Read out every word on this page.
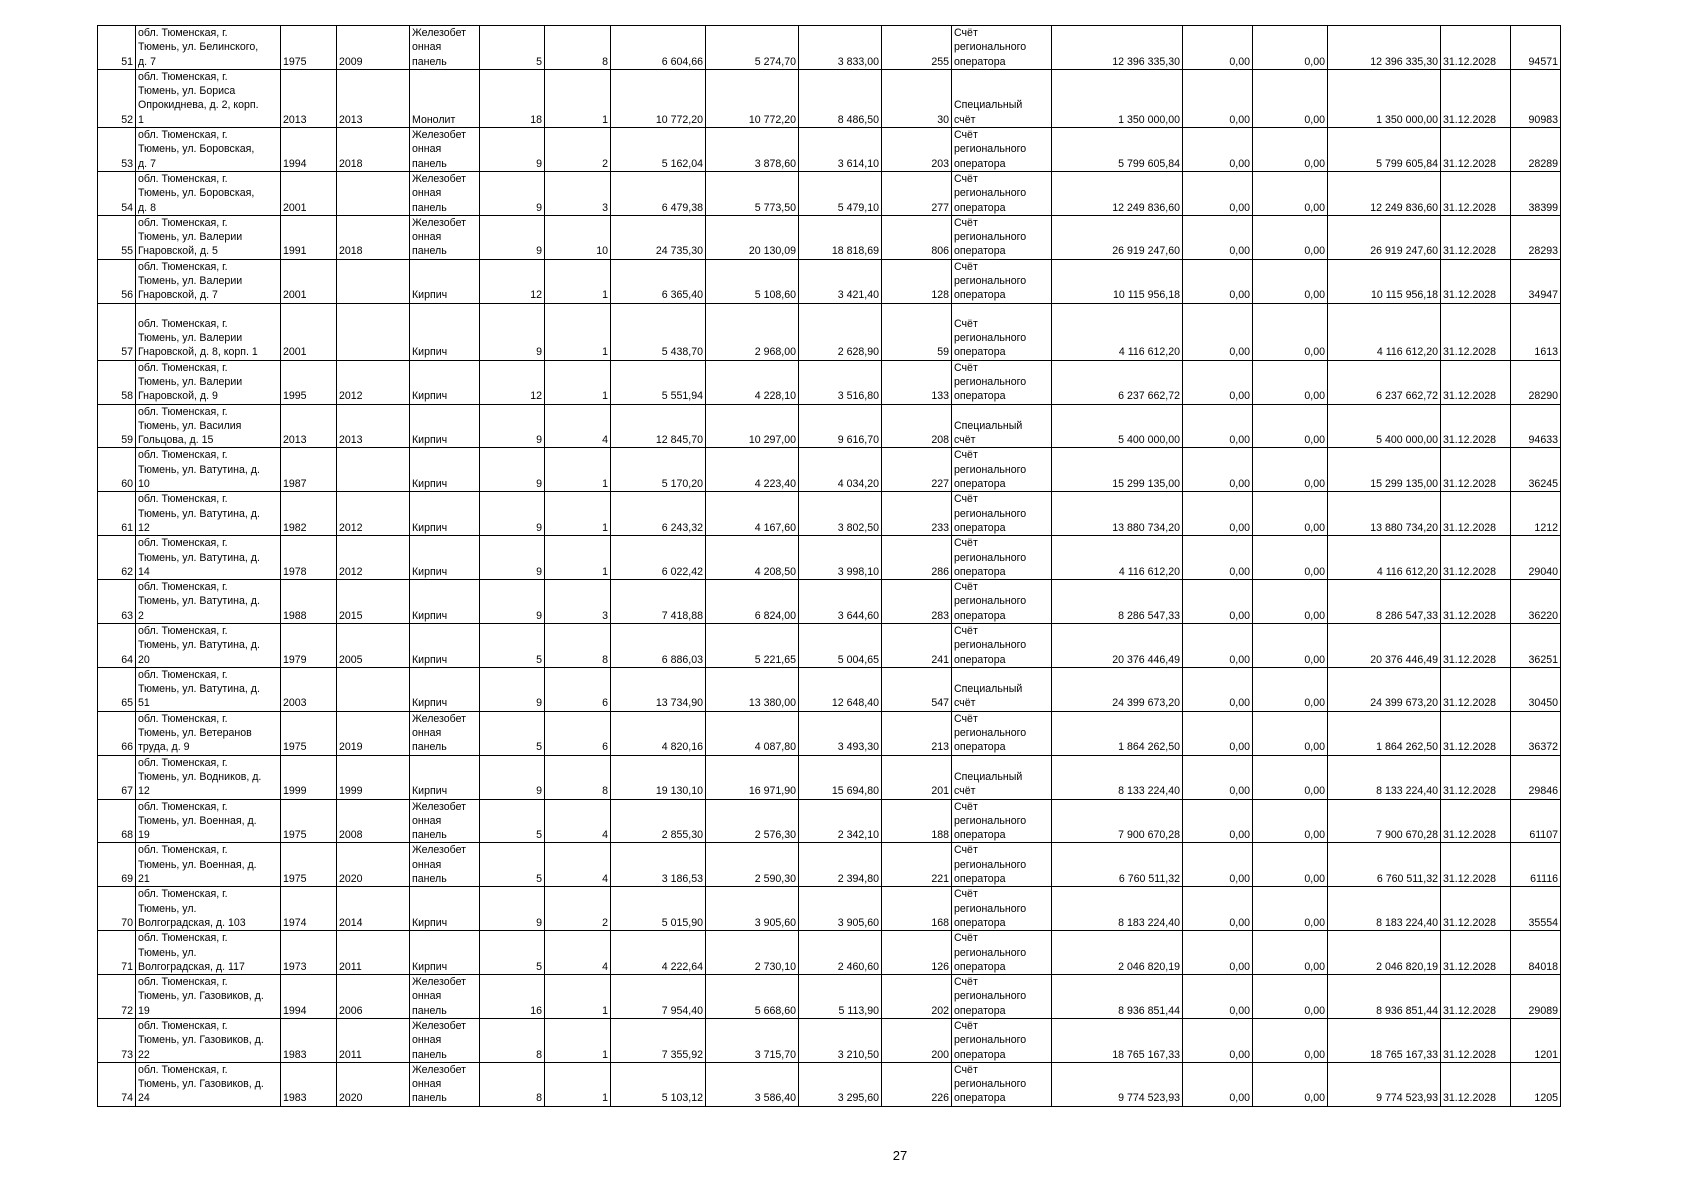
51	обл. Тюменская, г.
Тюмень, ул. Белинского,
д. 7	1975	2009	Железобет
онная
панель	5	8	6 604,66	5 274,70	3 833,00	255	Счёт
регионального
оператора	12 396 335,30	0,00	0,00	12 396 335,30	31.12.2028	94571
52	обл. Тюменская, г.
Тюмень, ул. Бориса
Опрокиднева, д. 2, корп.
1	2013	2013	Монолит	18	1	10 772,20	10 772,20	8 486,50	30	Специальный
счёт	1 350 000,00	0,00	0,00	1 350 000,00	31.12.2028	90983
53	обл. Тюменская, г.
Тюмень, ул. Боровская,
д. 7	1994	2018	Железобет
онная
панель	9	2	5 162,04	3 878,60	3 614,10	203	Счёт
регионального
оператора	5 799 605,84	0,00	0,00	5 799 605,84	31.12.2028	28289
54	обл. Тюменская, г.
Тюмень, ул. Боровская,
д. 8	2001		Железобет
онная
панель	9	3	6 479,38	5 773,50	5 479,10	277	Счёт
регионального
оператора	12 249 836,60	0,00	0,00	12 249 836,60	31.12.2028	38399
55	обл. Тюменская, г.
Тюмень, ул. Валерии
Гнаровской, д. 5	1991	2018	Железобет
онная
панель	9	10	24 735,30	20 130,09	18 818,69	806	Счёт
регионального
оператора	26 919 247,60	0,00	0,00	26 919 247,60	31.12.2028	28293
56	обл. Тюменская, г.
Тюмень, ул. Валерии
Гнаровской, д. 7	2001		Кирпич	12	1	6 365,40	5 108,60	3 421,40	128	Счёт
регионального
оператора	10 115 956,18	0,00	0,00	10 115 956,18	31.12.2028	34947
57	обл. Тюменская, г.
Тюмень, ул. Валерии
Гнаровской, д. 8, корп. 1	2001		Кирпич	9	1	5 438,70	2 968,00	2 628,90	59	Счёт
регионального
оператора	4 116 612,20	0,00	0,00	4 116 612,20	31.12.2028	1613
58	обл. Тюменская, г.
Тюмень, ул. Валерии
Гнаровской, д. 9	1995	2012	Кирпич	12	1	5 551,94	4 228,10	3 516,80	133	Счёт
регионального
оператора	6 237 662,72	0,00	0,00	6 237 662,72	31.12.2028	28290
59	обл. Тюменская, г.
Тюмень, ул. Василия
Гольцова, д. 15	2013	2013	Кирпич	9	4	12 845,70	10 297,00	9 616,70	208	Специальный
счёт	5 400 000,00	0,00	0,00	5 400 000,00	31.12.2028	94633
60	обл. Тюменская, г.
Тюмень, ул. Ватутина, д.
10	1987		Кирпич	9	1	5 170,20	4 223,40	4 034,20	227	Счёт
регионального
оператора	15 299 135,00	0,00	0,00	15 299 135,00	31.12.2028	36245
61	обл. Тюменская, г.
Тюмень, ул. Ватутина, д.
12	1982	2012	Кирпич	9	1	6 243,32	4 167,60	3 802,50	233	Счёт
регионального
оператора	13 880 734,20	0,00	0,00	13 880 734,20	31.12.2028	1212
62	обл. Тюменская, г.
Тюмень, ул. Ватутина, д.
14	1978	2012	Кирпич	9	1	6 022,42	4 208,50	3 998,10	286	Счёт
регионального
оператора	4 116 612,20	0,00	0,00	4 116 612,20	31.12.2028	29040
63	обл. Тюменская, г.
Тюмень, ул. Ватутина, д.
2	1988	2015	Кирпич	9	3	7 418,88	6 824,00	3 644,60	283	Счёт
регионального
оператора	8 286 547,33	0,00	0,00	8 286 547,33	31.12.2028	36220
64	обл. Тюменская, г.
Тюмень, ул. Ватутина, д.
20	1979	2005	Кирпич	5	8	6 886,03	5 221,65	5 004,65	241	Счёт
регионального
оператора	20 376 446,49	0,00	0,00	20 376 446,49	31.12.2028	36251
65	обл. Тюменская, г.
Тюмень, ул. Ватутина, д.
51	2003		Кирпич	9	6	13 734,90	13 380,00	12 648,40	547	Специальный
счёт	24 399 673,20	0,00	0,00	24 399 673,20	31.12.2028	30450
66	обл. Тюменская, г.
Тюмень, ул. Ветеранов
труда, д. 9	1975	2019	Железобет
онная
панель	5	6	4 820,16	4 087,80	3 493,30	213	Счёт
регионального
оператора	1 864 262,50	0,00	0,00	1 864 262,50	31.12.2028	36372
67	обл. Тюменская, г.
Тюмень, ул. Водников, д.
12	1999	1999	Кирпич	9	8	19 130,10	16 971,90	15 694,80	201	Специальный
счёт	8 133 224,40	0,00	0,00	8 133 224,40	31.12.2028	29846
68	обл. Тюменская, г.
Тюмень, ул. Военная, д.
19	1975	2008	Железобет
онная
панель	5	4	2 855,30	2 576,30	2 342,10	188	Счёт
регионального
оператора	7 900 670,28	0,00	0,00	7 900 670,28	31.12.2028	61107
69	обл. Тюменская, г.
Тюмень, ул. Военная, д.
21	1975	2020	Железобет
онная
панель	5	4	3 186,53	2 590,30	2 394,80	221	Счёт
регионального
оператора	6 760 511,32	0,00	0,00	6 760 511,32	31.12.2028	61116
70	обл. Тюменская, г.
Тюмень, ул.
Волгоградская, д. 103	1974	2014	Кирпич	9	2	5 015,90	3 905,60	3 905,60	168	Счёт
регионального
оператора	8 183 224,40	0,00	0,00	8 183 224,40	31.12.2028	35554
71	обл. Тюменская, г.
Тюмень, ул.
Волгоградская, д. 117	1973	2011	Кирпич	5	4	4 222,64	2 730,10	2 460,60	126	Счёт
регионального
оператора	2 046 820,19	0,00	0,00	2 046 820,19	31.12.2028	84018
72	обл. Тюменская, г.
Тюмень, ул. Газовиков, д.
19	1994	2006	Железобет
онная
панель	16	1	7 954,40	5 668,60	5 113,90	202	Счёт
регионального
оператора	8 936 851,44	0,00	0,00	8 936 851,44	31.12.2028	29089
73	обл. Тюменская, г.
Тюмень, ул. Газовиков, д.
22	1983	2011	Железобет
онная
панель	8	1	7 355,92	3 715,70	3 210,50	200	Счёт
регионального
оператора	18 765 167,33	0,00	0,00	18 765 167,33	31.12.2028	1201
74	обл. Тюменская, г.
Тюмень, ул. Газовиков, д.
24	1983	2020	Железобет
онная
панель	8	1	5 103,12	3 586,40	3 295,60	226	Счёт
регионального
оператора	9 774 523,93	0,00	0,00	9 774 523,93	31.12.2028	1205
27
